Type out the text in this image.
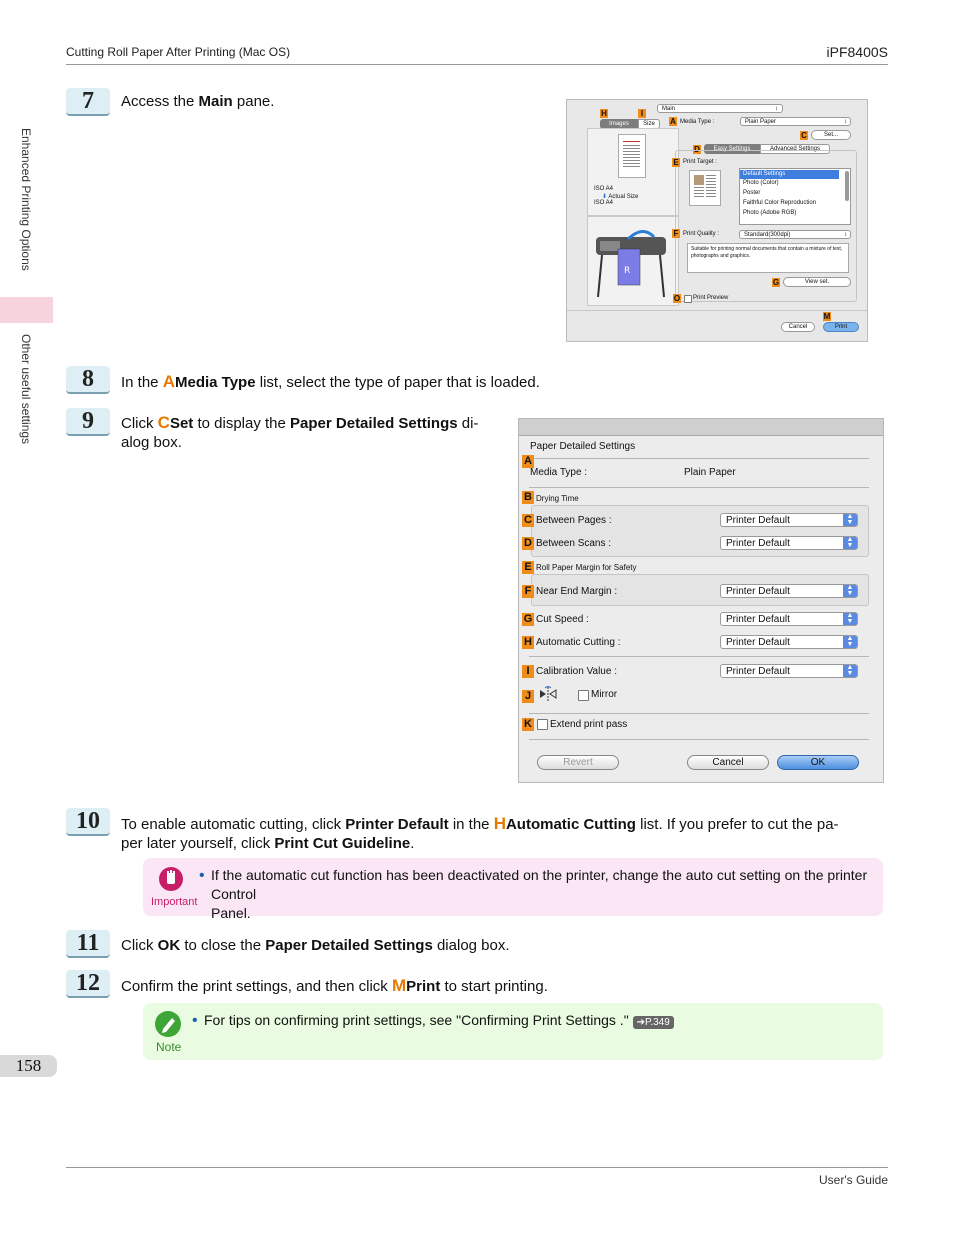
Cutting Roll Paper After Printing (Mac OS)	iPF8400S
Enhanced Printing Options
Other useful settings
7	Access the Main pane.	Main	↕
H	I
Images	Size
ISO A4
⬇ Actual Size
ISO A4
R
A Media Type :	Plain Paper	↕
C	Set...
D	Easy Settings	Advanced Settings
E Print Target :
Default Settings
Photo (Color)
Poster
Faithful Color Reproduction
Photo (Adobe RGB)
F Print Quality :	Standard(300dpi)	↕
Suitable for printing normal documents that contain a mixture of text, photographs and graphics.
G	View set.
O Print Preview
M
Cancel	Print
8	In the AMedia Type list, select the type of paper that is loaded.
9	Click CSet to display the Paper Detailed Settings di-
alog box.	Paper Detailed Settings
A
Media Type :	Plain Paper
B Drying Time
C Between Pages :	Printer Default	▲
▼
D Between Scans :	Printer Default	▲
▼
E Roll Paper Margin for Safety
F Near End Margin :	Printer Default	▲
▼
G Cut Speed :	Printer Default	▲
▼
H Automatic Cutting :	Printer Default	▲
▼
I Calibration Value :	Printer Default	▲
▼
J	Mirror
K Extend print pass
Revert	Cancel	OK
10	To enable automatic cutting, click Printer Default in the HAutomatic Cutting list. If you prefer to cut the pa-
per later yourself, click Print Cut Guideline.
Important
• If the automatic cut function has been deactivated on the printer, change the auto cut setting on the printer Control
Panel.
11	Click OK to close the Paper Detailed Settings dialog box.
12	Confirm the print settings, and then click MPrint to start printing.
Note
• For tips on confirming print settings, see "Confirming Print Settings ." ➔P.349
158
User's Guide
